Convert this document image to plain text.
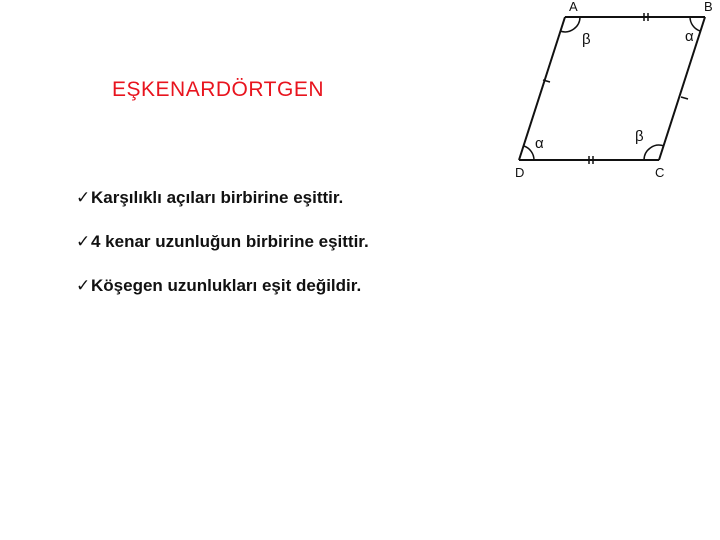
EŞKENARDÖRTGEN
✓Karşılıklı açıları birbirine eşittir.
✓4 kenar uzunluğun birbirine eşittir.
✓Köşegen uzunlukları eşit değildir.
A	B
C
D
β	α
α	β
